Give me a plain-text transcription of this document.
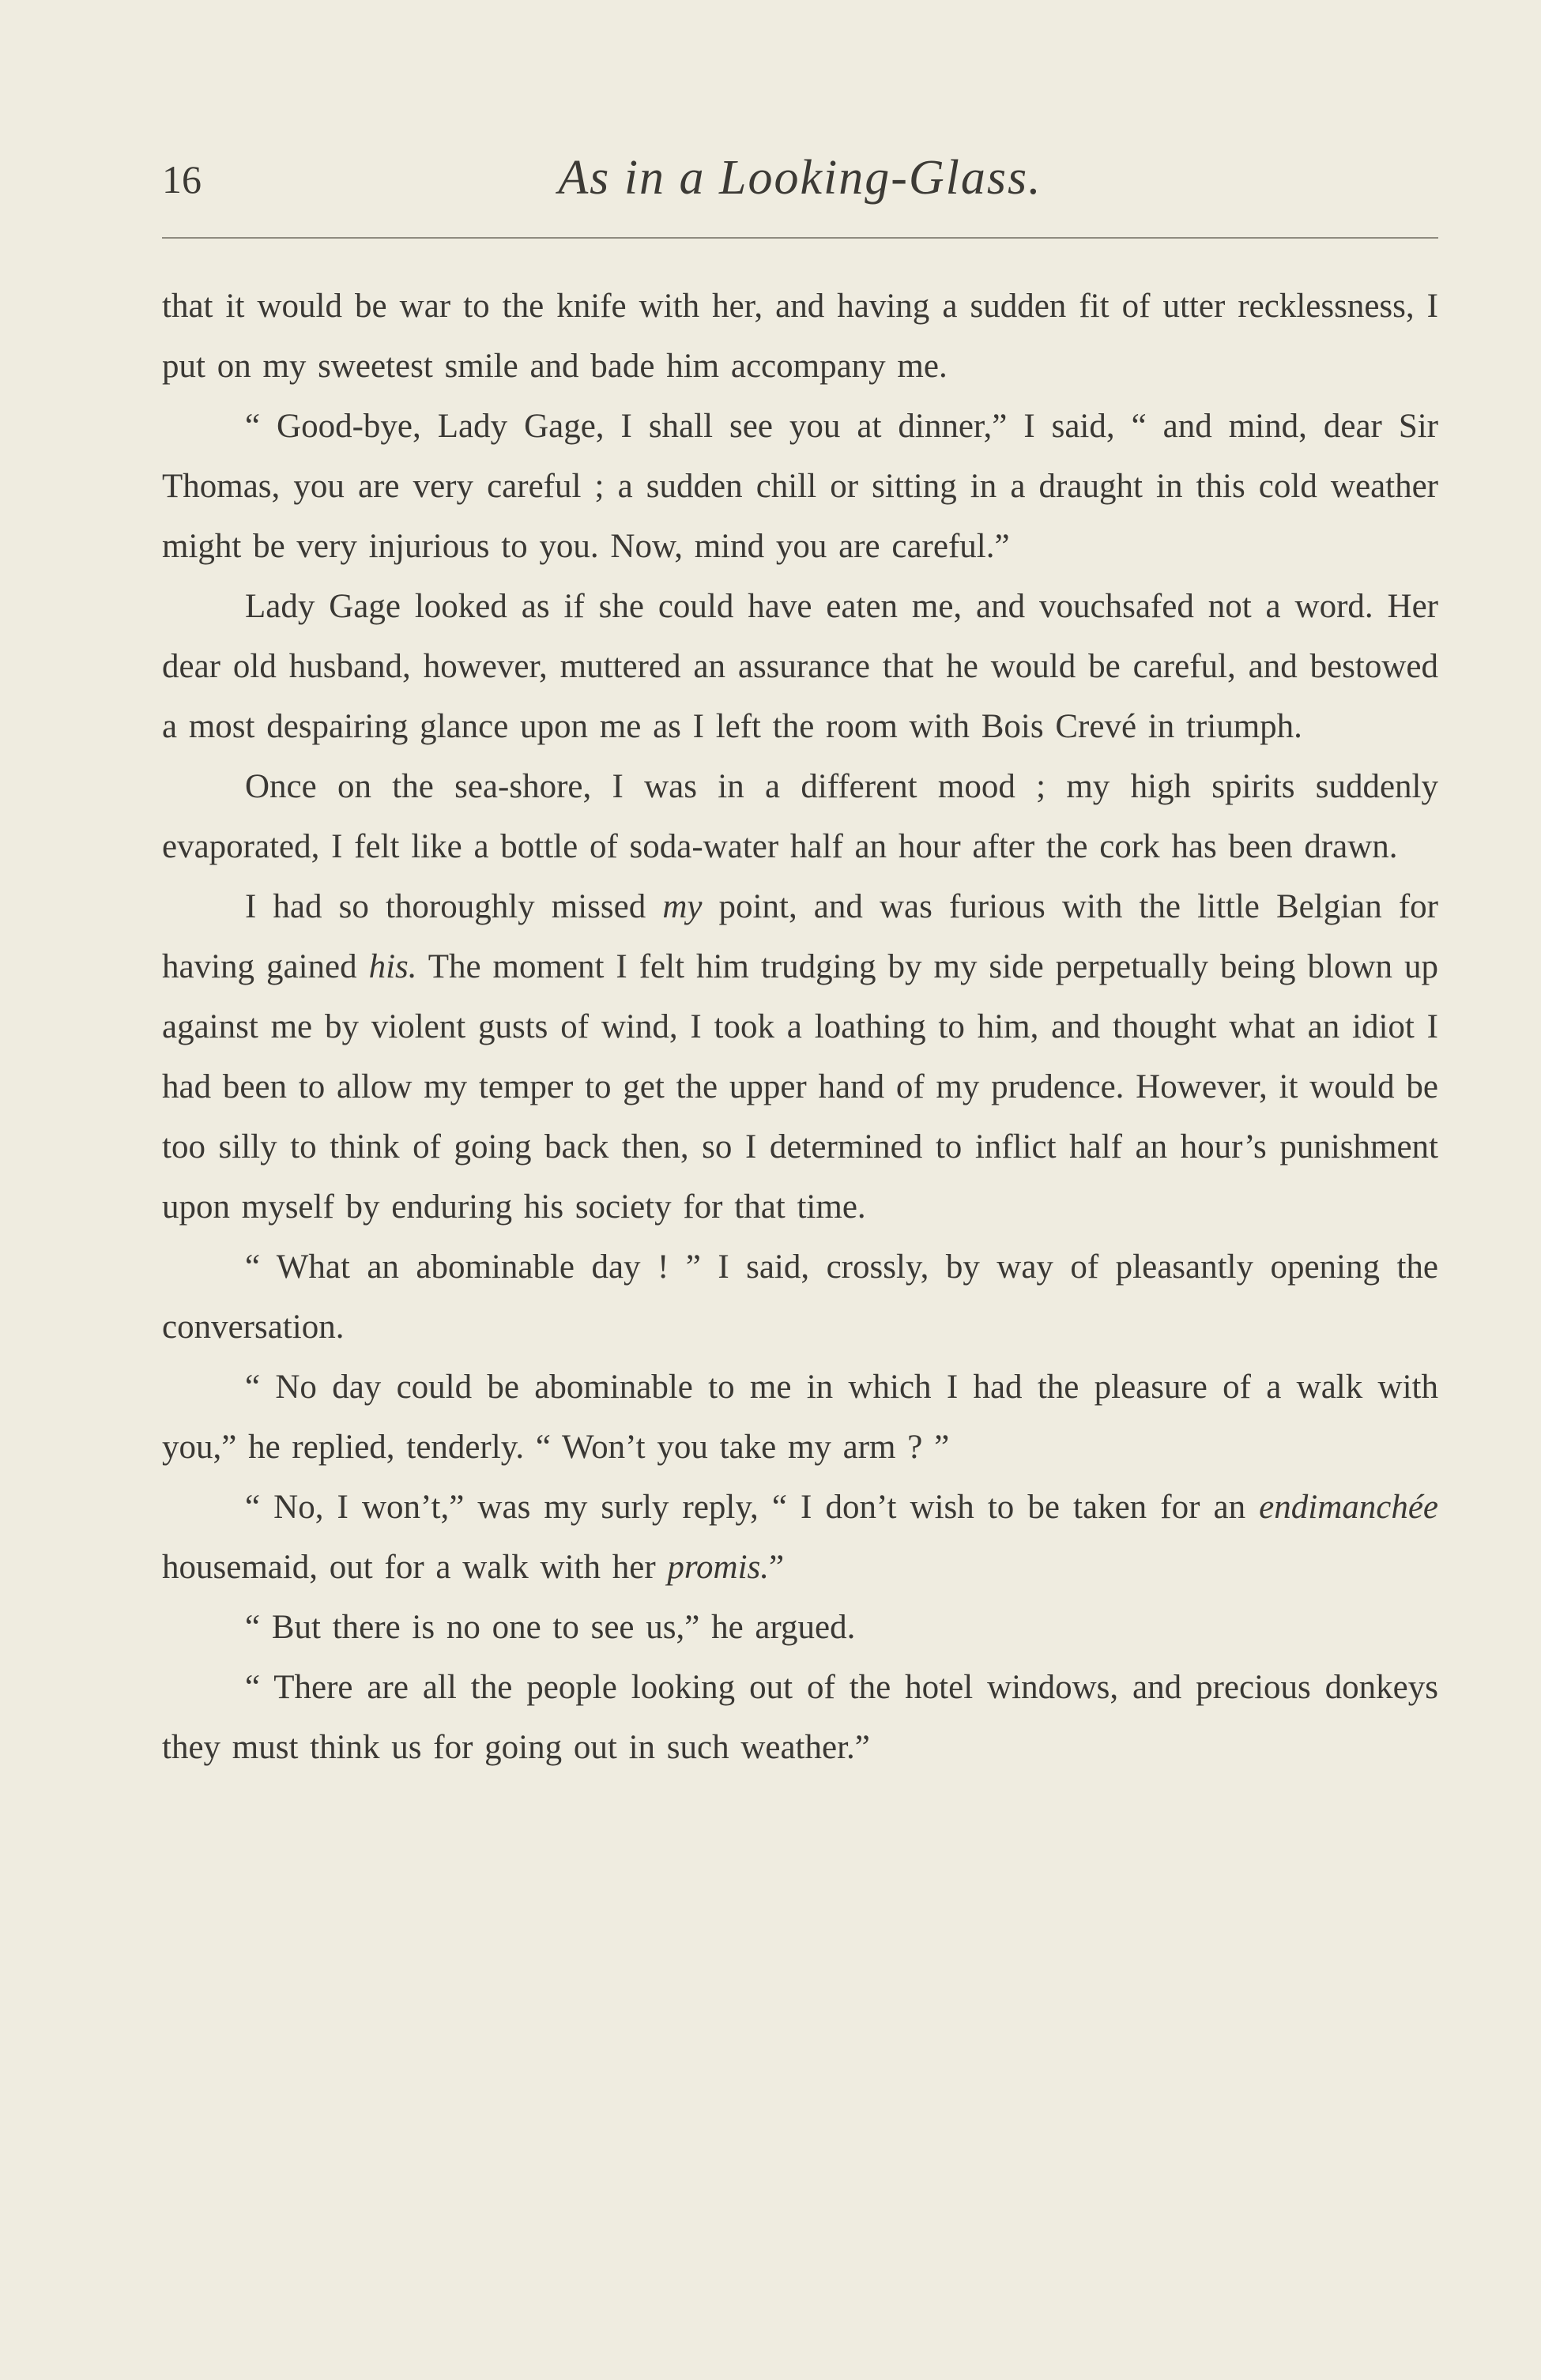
16	As in a Looking-Glass.

that it would be war to the knife with her, and having a sudden fit of utter recklessness, I put on my sweetest smile and bade him accompany me.

“ Good-bye, Lady Gage, I shall see you at dinner,” I said, “ and mind, dear Sir Thomas, you are very careful ; a sudden chill or sitting in a draught in this cold weather might be very injurious to you. Now, mind you are careful.”

Lady Gage looked as if she could have eaten me, and vouchsafed not a word. Her dear old husband, however, muttered an assurance that he would be careful, and bestowed a most despairing glance upon me as I left the room with Bois Crevé in triumph.

Once on the sea-shore, I was in a different mood ; my high spirits suddenly evaporated, I felt like a bottle of soda-water half an hour after the cork has been drawn.

I had so thoroughly missed my point, and was furious with the little Belgian for having gained his. The moment I felt him trudging by my side perpetually being blown up against me by violent gusts of wind, I took a loathing to him, and thought what an idiot I had been to allow my temper to get the upper hand of my prudence. However, it would be too silly to think of going back then, so I determined to inflict half an hour’s punishment upon myself by enduring his society for that time.

“ What an abominable day ! ” I said, crossly, by way of pleasantly opening the conversation.

“ No day could be abominable to me in which I had the pleasure of a walk with you,” he replied, tenderly. “ Won’t you take my arm ? ”

“ No, I won’t,” was my surly reply, “ I don’t wish to be taken for an endimanchée housemaid, out for a walk with her promis.”

“ But there is no one to see us,” he argued.

“ There are all the people looking out of the hotel windows, and precious donkeys they must think us for going out in such weather.”
